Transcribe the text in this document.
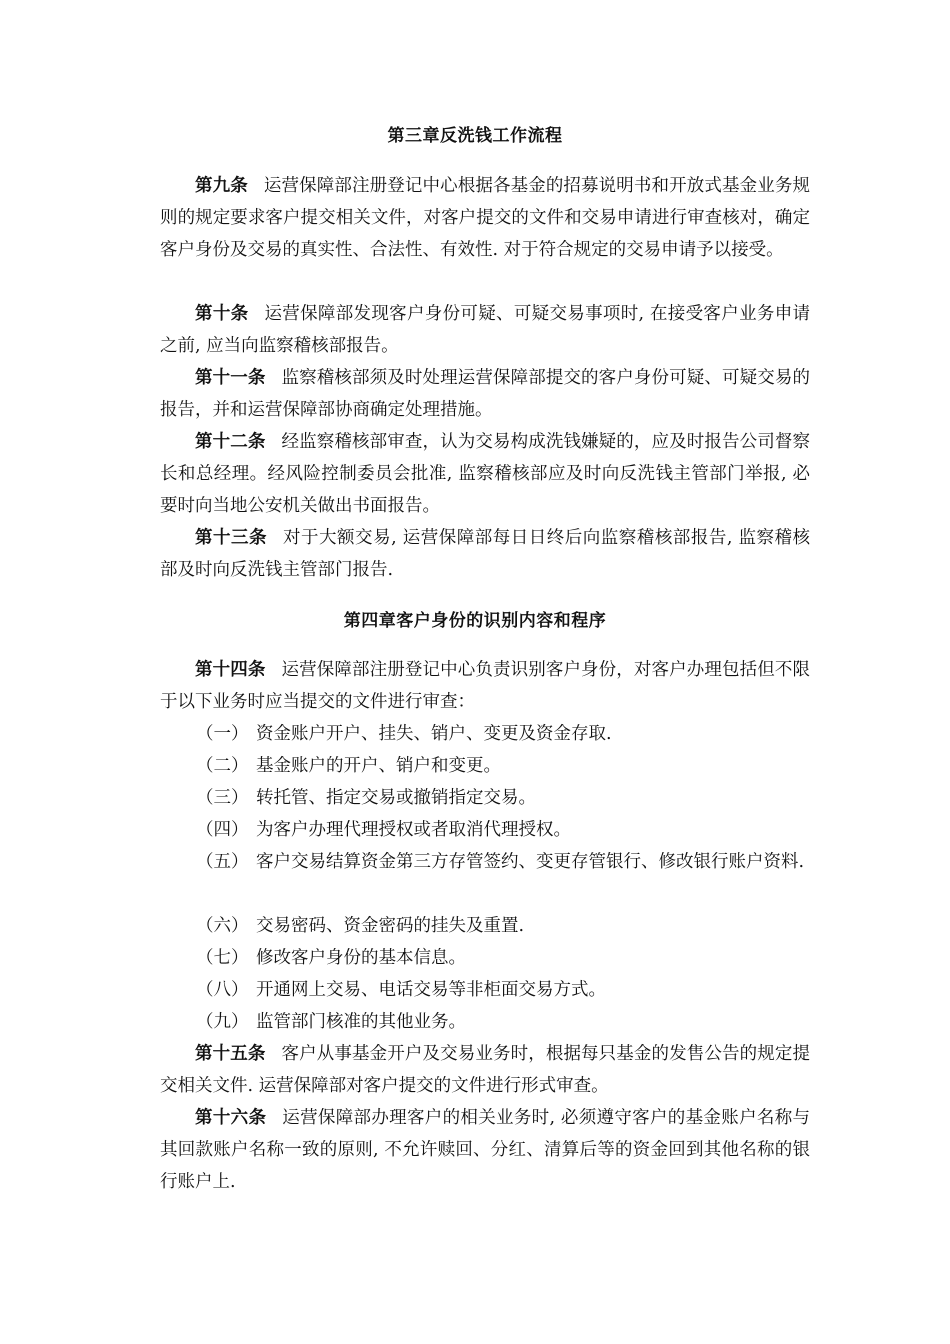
第三章反洗钱工作流程
第九条 运营保障部注册登记中心根据各基金的招募说明书和开放式基金业务规则的规定要求客户提交相关文件，对客户提交的文件和交易申请进行审查核对，确定客户身份及交易的真实性、合法性、有效性. 对于符合规定的交易申请予以接受。
第十条 运营保障部发现客户身份可疑、可疑交易事项时, 在接受客户业务申请之前, 应当向监察稽核部报告。
第十一条 监察稽核部须及时处理运营保障部提交的客户身份可疑、可疑交易的报告，并和运营保障部协商确定处理措施。
第十二条 经监察稽核部审查，认为交易构成洗钱嫌疑的，应及时报告公司督察长和总经理。经风险控制委员会批准, 监察稽核部应及时向反洗钱主管部门举报, 必要时向当地公安机关做出书面报告。
第十三条 对于大额交易, 运营保障部每日日终后向监察稽核部报告, 监察稽核部及时向反洗钱主管部门报告.
第四章客户身份的识别内容和程序
第十四条 运营保障部注册登记中心负责识别客户身份，对客户办理包括但不限于以下业务时应当提交的文件进行审查：
（一） 资金账户开户、挂失、销户、变更及资金存取.
（二） 基金账户的开户、销户和变更。
（三） 转托管、指定交易或撤销指定交易。
（四） 为客户办理代理授权或者取消代理授权。
（五） 客户交易结算资金第三方存管签约、变更存管银行、修改银行账户资料.
（六） 交易密码、资金密码的挂失及重置.
（七） 修改客户身份的基本信息。
（八） 开通网上交易、电话交易等非柜面交易方式。
（九） 监管部门核准的其他业务。
第十五条 客户从事基金开户及交易业务时，根据每只基金的发售公告的规定提交相关文件. 运营保障部对客户提交的文件进行形式审查。
第十六条 运营保障部办理客户的相关业务时, 必须遵守客户的基金账户名称与其回款账户名称一致的原则, 不允许赎回、分红、清算后等的资金回到其他名称的银行账户上.
